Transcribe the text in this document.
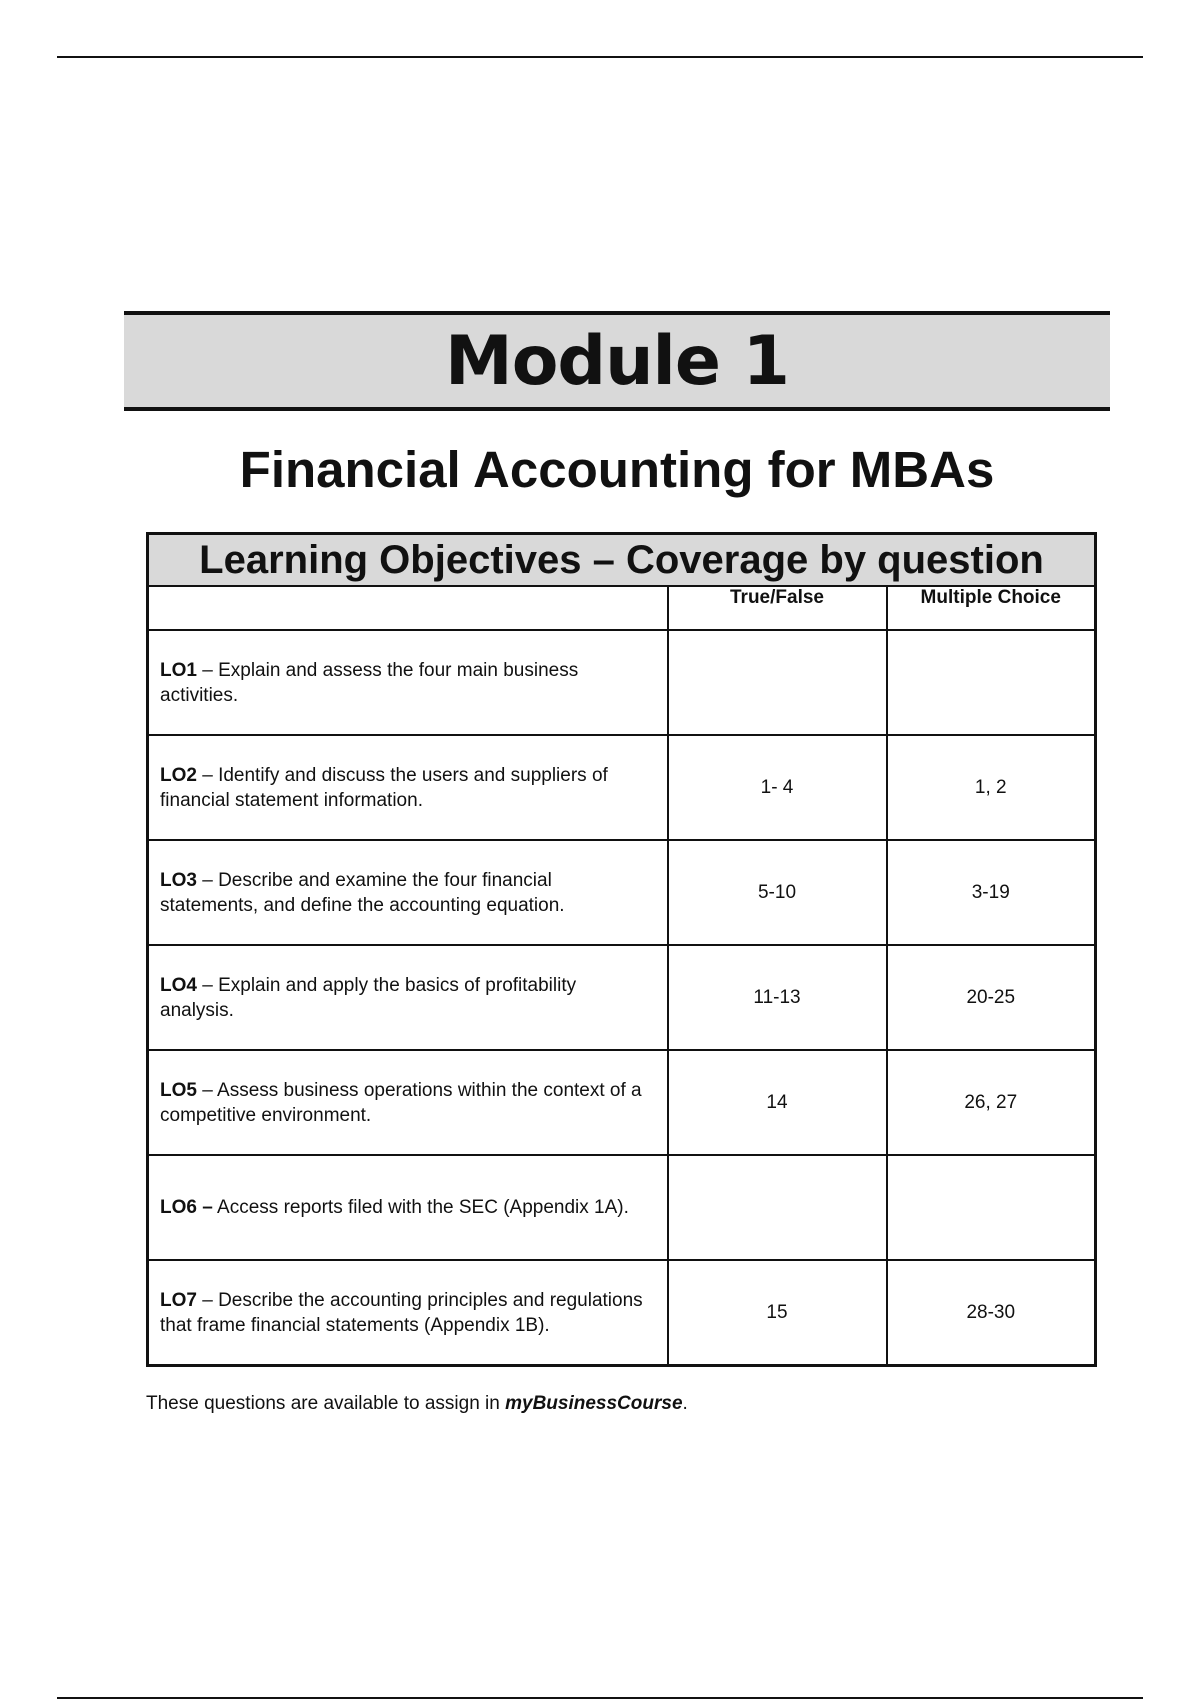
Module 1
Financial Accounting for MBAs
Learning Objectives – Coverage by question		
	True/False	Multiple Choice
LO1 – Explain and assess the four main business activities.		
LO2 – Identify and discuss the users and suppliers of financial statement information.	1- 4	1, 2
LO3 – Describe and examine the four financial statements, and define the accounting equation.	5-10	3-19
LO4 – Explain and apply the basics of profitability analysis.	11-13	20-25
LO5 – Assess business operations within the context of a competitive environment.	14	26, 27
LO6 – Access reports filed with the SEC (Appendix 1A).		
LO7 – Describe the accounting principles and regulations that frame financial statements (Appendix 1B).	15	28-30
These questions are available to assign in myBusinessCourse.
